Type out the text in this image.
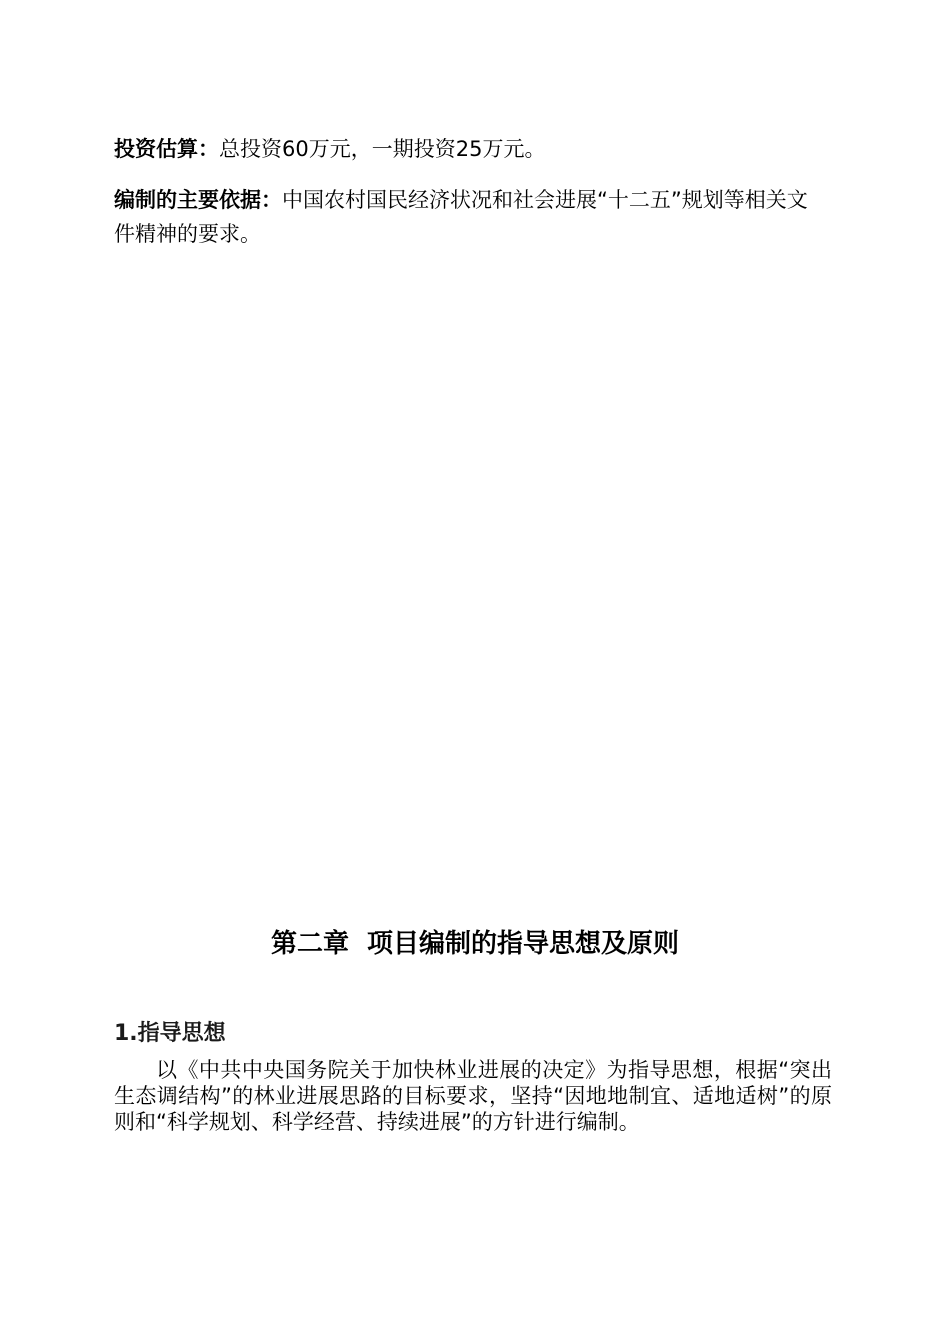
投资估算：总投资60万元，一期投资25万元。

编制的主要依据：中国农村国民经济状况和社会进展“十二五”规划等相关文件精神的要求。

第二章  项目编制的指导思想及原则
1.指导思想

以《中共中央国务院关于加快林业进展的决定》为指导思想，根据“突出生态调结构”的林业进展思路的目标要求，坚持“因地地制宜、适地适树”的原则和“科学规划、科学经营、持续进展”的方针进行编制。
